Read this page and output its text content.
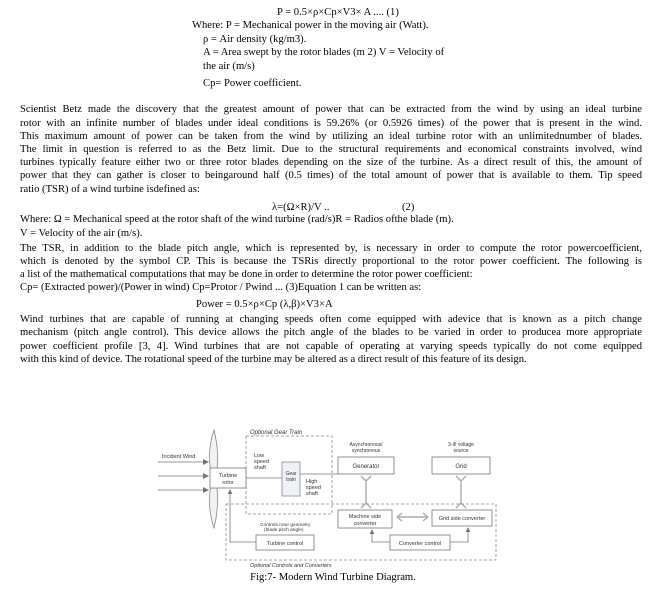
P = 0.5×ρ×Cp×V3× A .... (1)
Where: P = Mechanical power in the moving air (Watt).
ρ = Air density (kg/m3).
A = Area swept by the rotor blades (m 2) V = Velocity of
the air (m/s)
Cp= Power coefficient.
Scientist Betz made the discovery that the greatest amount of power that can be extracted from the wind by using an ideal turbine
rotor with an infinite number of blades under ideal conditions is 59.26% (or 0.5926 times) of the power that is present in the wind.
This maximum amount of power can be taken from the wind by utilizing an ideal turbine rotor with an unlimitednumber of blades.
The limit in question is referred to as the Betz limit. Due to the structural requirements and economical constraints involved, wind
turbines typically feature either two or three rotor blades depending on the size of the turbine. As a direct result of this, the amount of
power that they can gather is closer to beingaround half (0.5 times) of the total amount of power that is available to them. Tip speed
ratio (TSR) of a wind turbine isdefined as:
λ=(Ω×R)/V ..	(2)
Where: Ω = Mechanical speed at the rotor shaft of the wind turbine (rad/s)R = Radios ofthe blade (m).
V = Velocity of the air (m/s).
The TSR, in addition to the blade pitch angle, which is represented by, is necessary in order to compute the rotor powercoefficient,
which is denoted by the symbol CP. This is because the TSRis directly proportional to the rotor power coefficient. The following is
a list of the mathematical computations that may be done in order to determine the rotor power coefficient:
Cp= (Extracted power)/(Power in wind) Cp=Protor / Pwind ... (3)Equation 1 can be written as:
Power = 0.5×ρ×Cp (λ,β)×V3×A
Wind turbines that are capable of running at changing speeds often come equipped with adevice that is known as a pitch change
mechanism (pitch angle control). This device allows the pitch angle of the blades to be varied in order to producea more appropriate
power coefficient profile [3, 4]. Wind turbines that are not capable of operating at varying speeds typically do not come equipped
with this kind of device. The rotational speed of the turbine may be altered as a direct result of this feature of its design.
Optional Gear Train
Incident Wind
Turbine
rotor
Low
speed
shaft
Gear
train High
speed
shaft
Asynchronous/
synchronous
Generator
3-Φ voltage
source
Grid
Optional Controls and Converters
Machine side
converter
Grid side converter
Controls rotor geometry
(blade pitch angle)
Turbine control	Converter control
Fig:7- Modern Wind Turbine Diagram.
